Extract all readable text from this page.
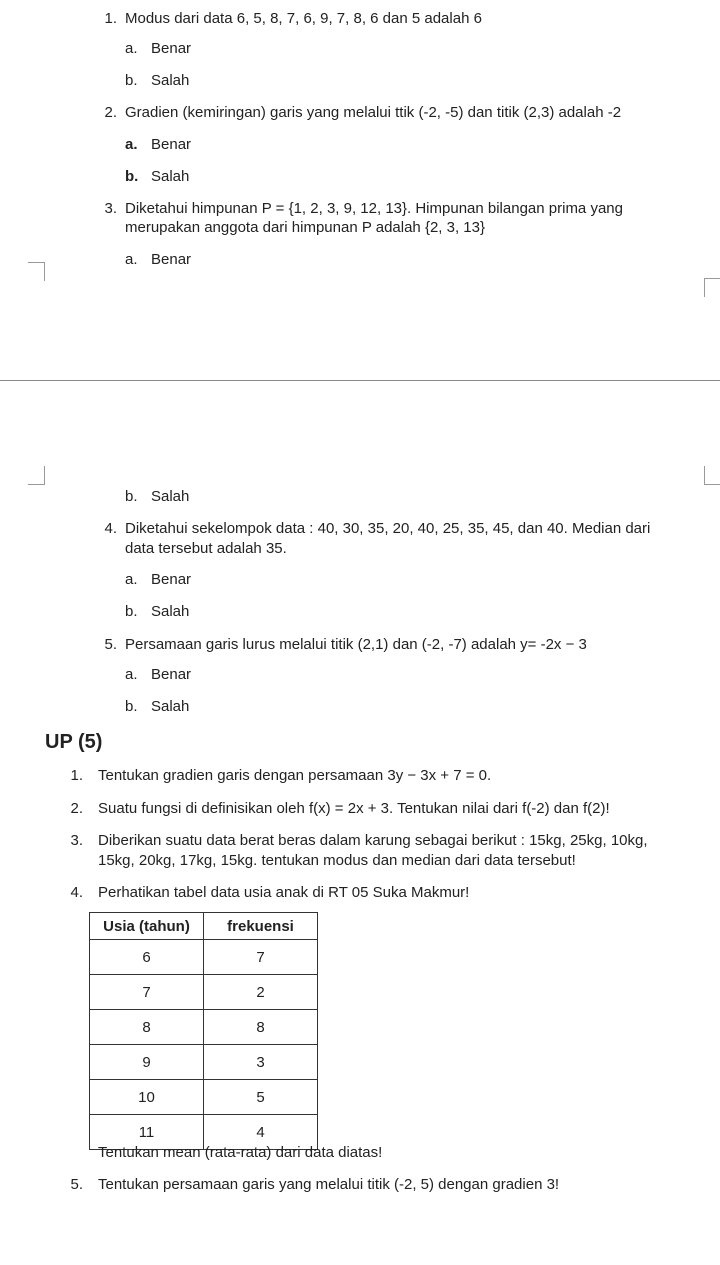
1. Modus dari data 6, 5, 8, 7, 6, 9, 7, 8, 6 dan 5 adalah 6
a. Benar
b. Salah
2. Gradien (kemiringan) garis yang melalui ttik (-2, -5) dan titik (2,3) adalah -2
a. Benar
b. Salah
3. Diketahui himpunan P = {1, 2, 3, 9, 12, 13}. Himpunan bilangan prima yang
merupakan anggota dari himpunan P adalah {2, 3, 13}
a. Benar
b. Salah
4. Diketahui sekelompok data : 40, 30, 35, 20, 40, 25, 35, 45, dan 40. Median dari
data tersebut adalah 35.
a. Benar
b. Salah
5. Persamaan garis lurus melalui titik (2,1) dan (-2, -7) adalah y= -2x − 3
a. Benar
b. Salah
UP (5)
1. Tentukan gradien garis dengan persamaan 3y − 3x + 7 = 0.
2. Suatu fungsi di definisikan oleh f(x) = 2x + 3. Tentukan nilai dari f(-2) dan f(2)!
3. Diberikan suatu data berat beras dalam karung sebagai berikut : 15kg, 25kg, 10kg,
15kg, 20kg, 17kg, 15kg. tentukan modus dan median dari data tersebut!
4. Perhatikan tabel data usia anak di RT 05 Suka Makmur!
Usia (tahun)	frekuensi
6	7
7	2
8	8
9	3
10	5
11	4
Tentukan mean (rata-rata) dari data diatas!
5. Tentukan persamaan garis yang melalui titik (-2, 5) dengan gradien 3!
